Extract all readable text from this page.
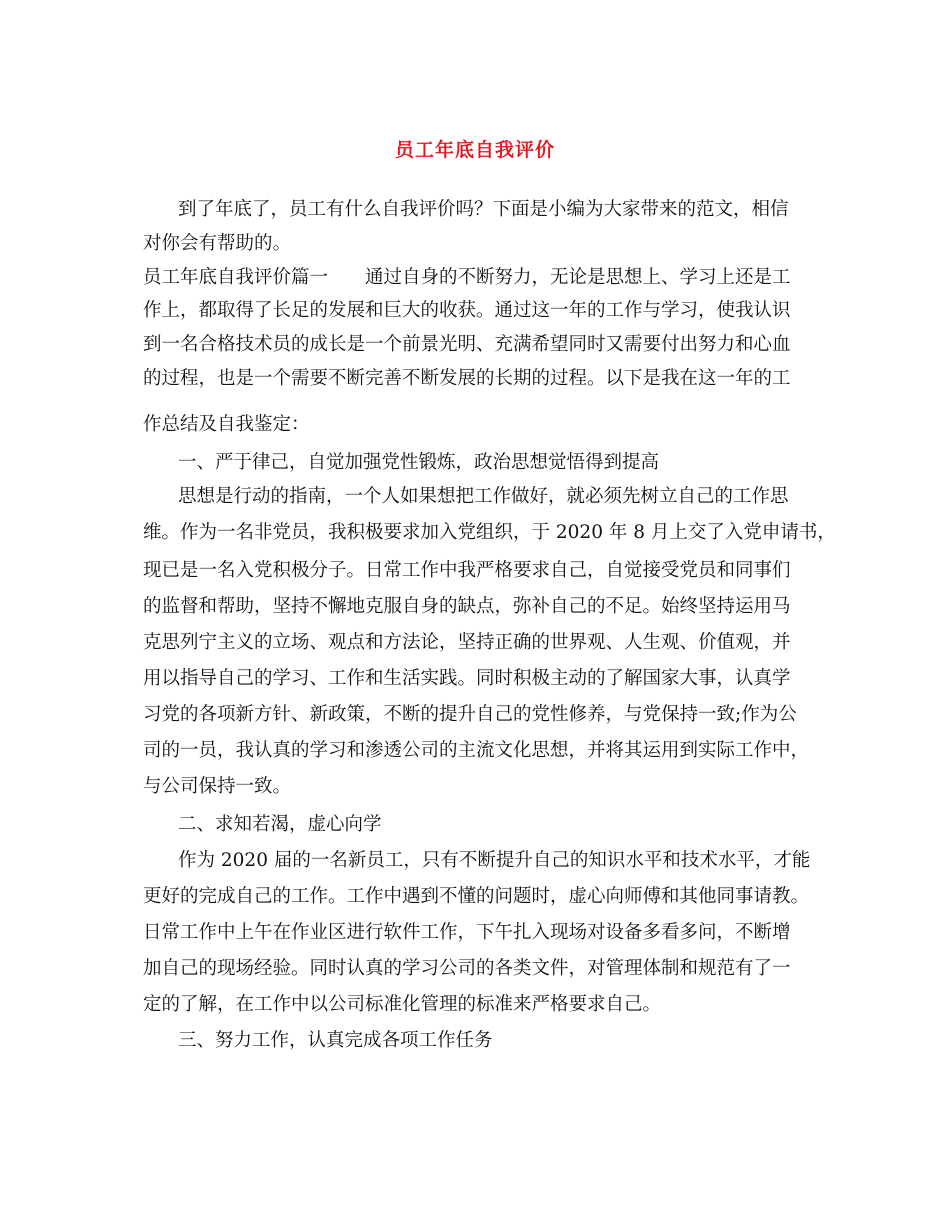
员工年底自我评价
到了年底了，员工有什么自我评价吗？下面是小编为大家带来的范文，相信
对你会有帮助的。
员工年底自我评价篇一　　通过自身的不断努力，无论是思想上、学习上还是工
作上，都取得了长足的发展和巨大的收获。通过这一年的工作与学习，使我认识
到一名合格技术员的成长是一个前景光明、充满希望同时又需要付出努力和心血
的过程，也是一个需要不断完善不断发展的长期的过程。以下是我在这一年的工
作总结及自我鉴定：
一、严于律己，自觉加强党性锻炼，政治思想觉悟得到提高
思想是行动的指南，一个人如果想把工作做好，就必须先树立自己的工作思
维。作为一名非党员，我积极要求加入党组织，于 2020 年 8 月上交了入党申请书，
现已是一名入党积极分子。日常工作中我严格要求自己，自觉接受党员和同事们
的监督和帮助，坚持不懈地克服自身的缺点，弥补自己的不足。始终坚持运用马
克思列宁主义的立场、观点和方法论，坚持正确的世界观、人生观、价值观，并
用以指导自己的学习、工作和生活实践。同时积极主动的了解国家大事，认真学
习党的各项新方针、新政策，不断的提升自己的党性修养，与党保持一致;作为公
司的一员，我认真的学习和渗透公司的主流文化思想，并将其运用到实际工作中，
与公司保持一致。
二、求知若渴，虚心向学
作为 2020 届的一名新员工，只有不断提升自己的知识水平和技术水平，才能
更好的完成自己的工作。工作中遇到不懂的问题时，虚心向师傅和其他同事请教。
日常工作中上午在作业区进行软件工作，下午扎入现场对设备多看多问，不断增
加自己的现场经验。同时认真的学习公司的各类文件，对管理体制和规范有了一
定的了解，在工作中以公司标准化管理的标准来严格要求自己。
三、努力工作，认真完成各项工作任务
